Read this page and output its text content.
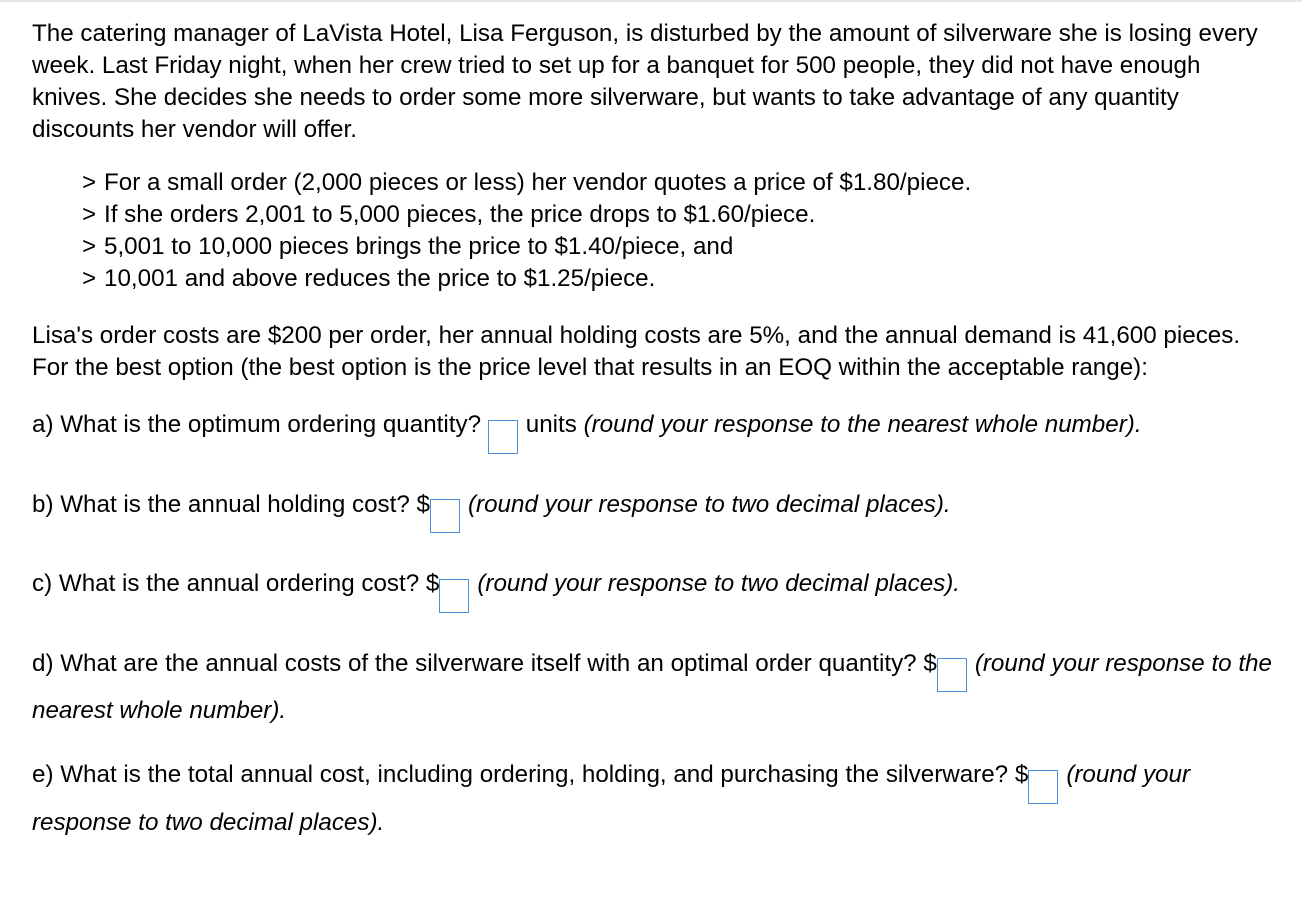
The catering manager of LaVista Hotel, Lisa Ferguson, is disturbed by the amount of silverware she is losing every week. Last Friday night, when her crew tried to set up for a banquet for 500 people, they did not have enough knives. She decides she needs to order some more silverware, but wants to take advantage of any quantity discounts her vendor will offer.

> For a small order (2,000 pieces or less) her vendor quotes a price of $1.80/piece.
> If she orders 2,001 to 5,000 pieces, the price drops to $1.60/piece.
> 5,001 to 10,000 pieces brings the price to $1.40/piece, and
> 10,001 and above reduces the price to $1.25/piece.

Lisa's order costs are $200 per order, her annual holding costs are 5%, and the annual demand is 41,600 pieces. For the best option (the best option is the price level that results in an EOQ within the acceptable range):

a) What is the optimum ordering quantity? units (round your response to the nearest whole number).

b) What is the annual holding cost? $ (round your response to two decimal places).

c) What is the annual ordering cost? $ (round your response to two decimal places).

d) What are the annual costs of the silverware itself with an optimal order quantity? $ (round your response to the nearest whole number).

e) What is the total annual cost, including ordering, holding, and purchasing the silverware? $ (round your response to two decimal places).
